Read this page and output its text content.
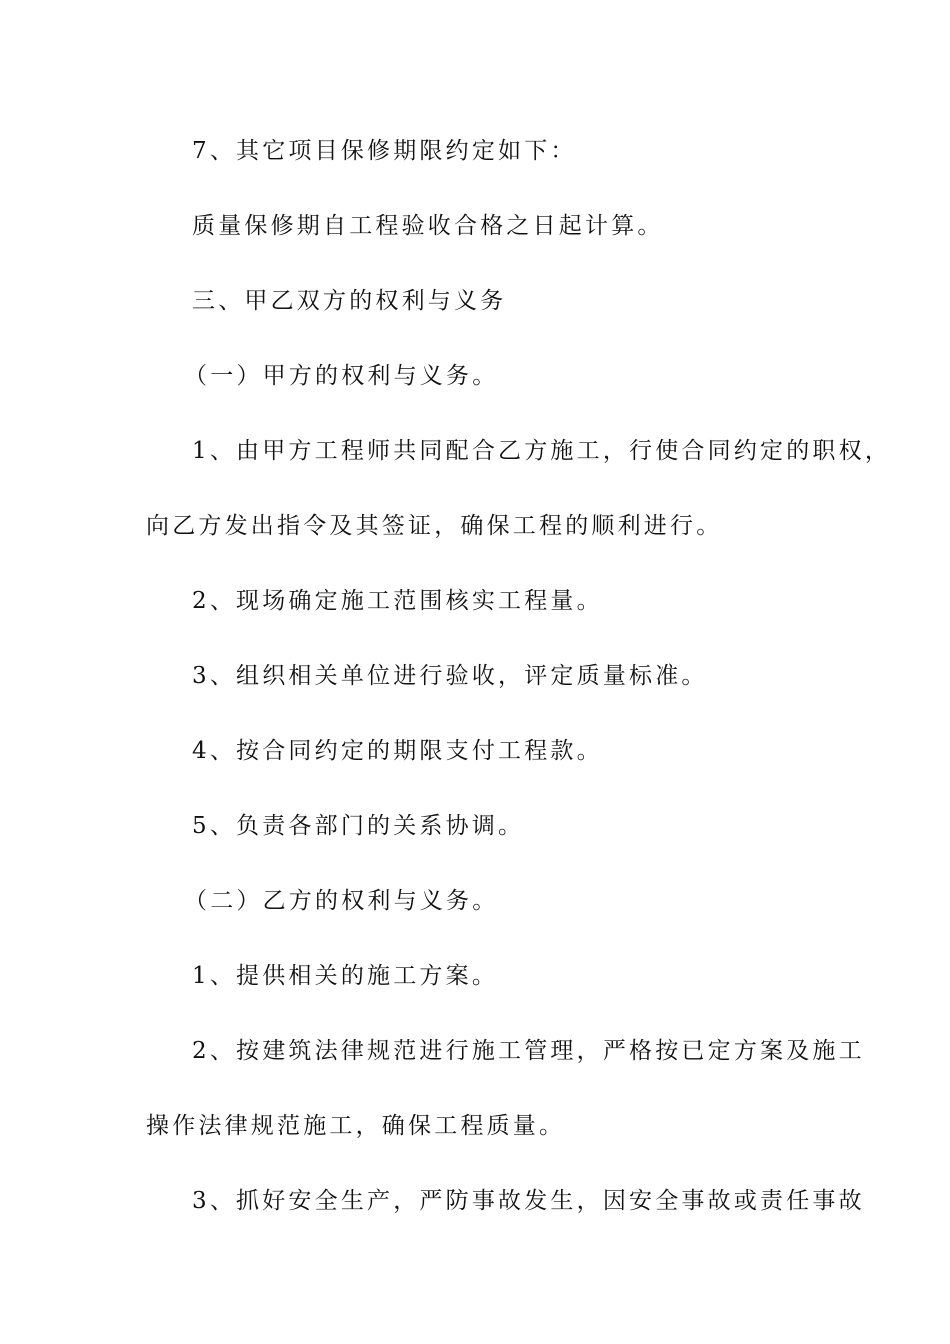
7、其它项目保修期限约定如下：
质量保修期自工程验收合格之日起计算。
三、甲乙双方的权利与义务
（一）甲方的权利与义务。
1、由甲方工程师共同配合乙方施工，行使合同约定的职权，
向乙方发出指令及其签证，确保工程的顺利进行。
2、现场确定施工范围核实工程量。
3、组织相关单位进行验收，评定质量标准。
4、按合同约定的期限支付工程款。
5、负责各部门的关系协调。
（二）乙方的权利与义务。
1、提供相关的施工方案。
2、按建筑法律规范进行施工管理，严格按已定方案及施工
操作法律规范施工，确保工程质量。
3、抓好安全生产，严防事故发生，因安全事故或责任事故
